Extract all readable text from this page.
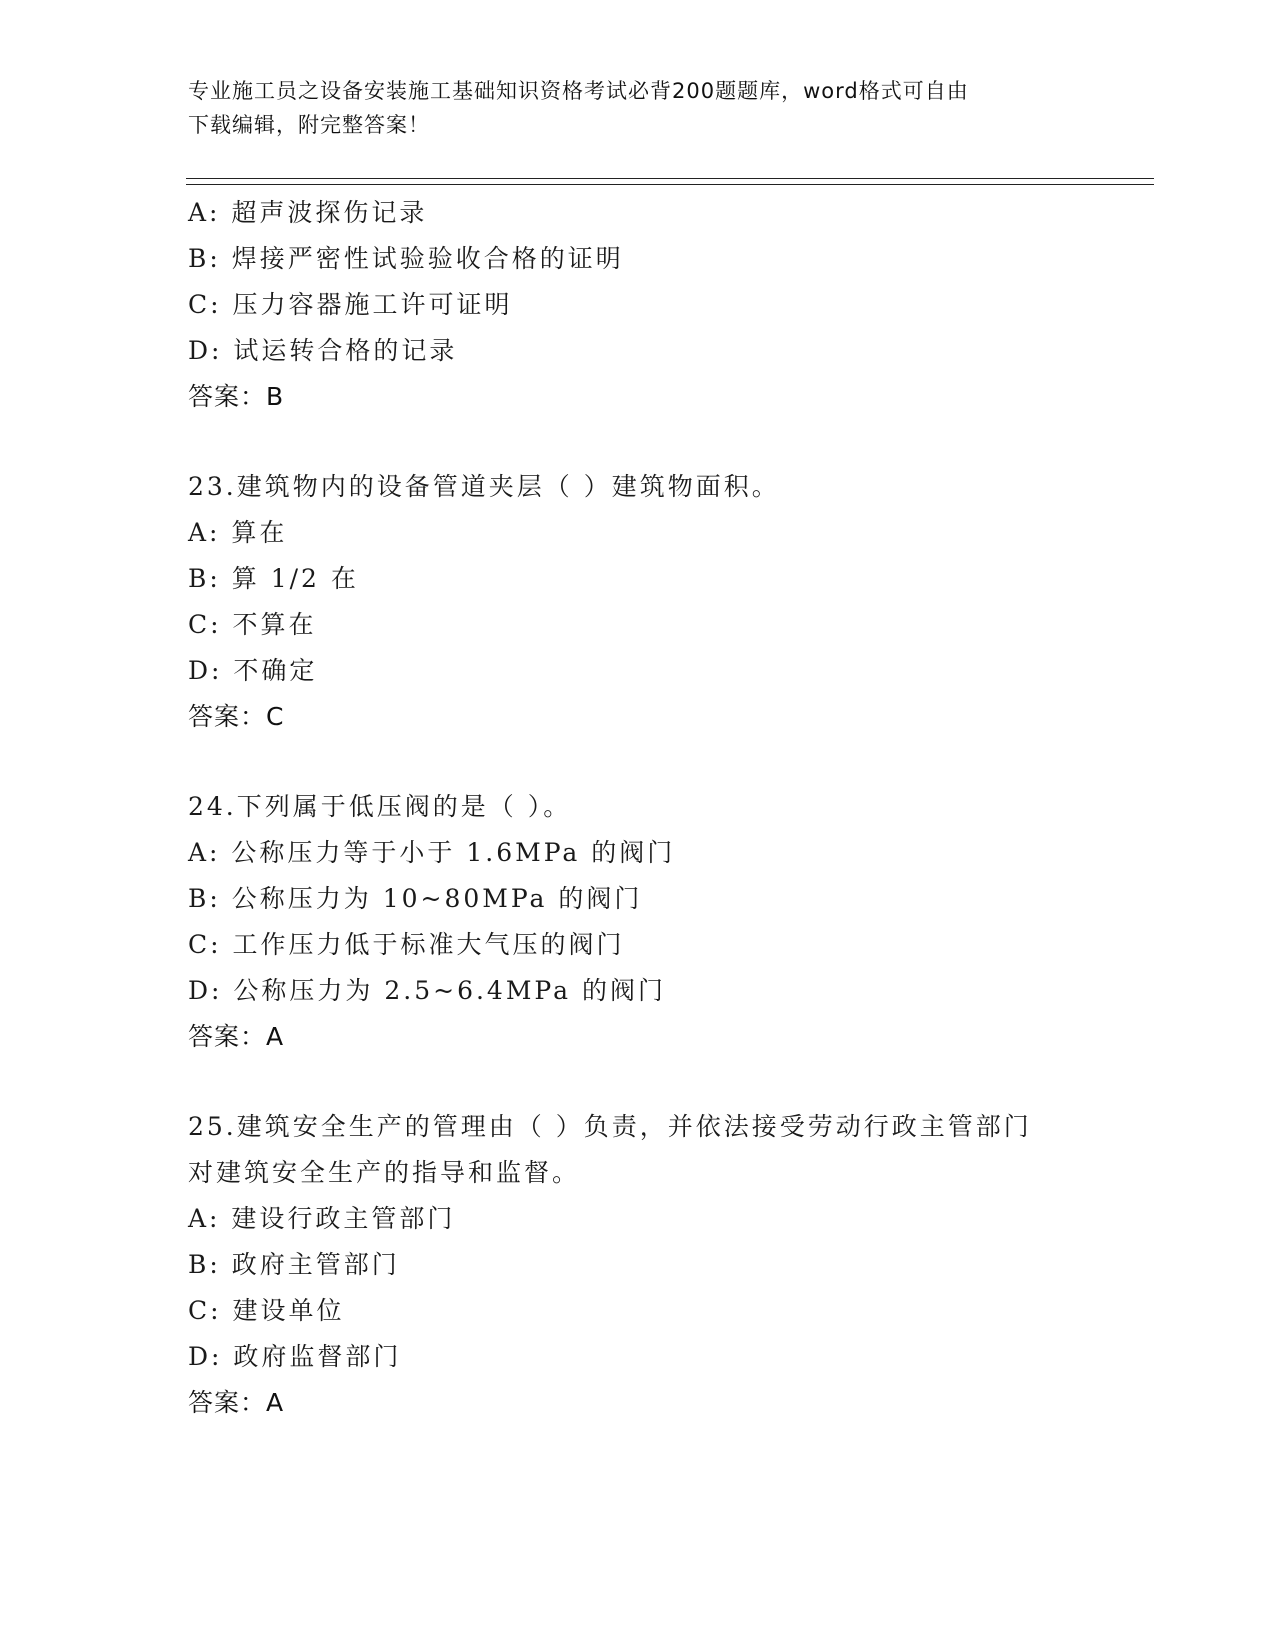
专业施工员之设备安装施工基础知识资格考试必背200题题库，word格式可自由
下载编辑，附完整答案！
A: 超声波探伤记录
B: 焊接严密性试验验收合格的证明
C: 压力容器施工许可证明
D: 试运转合格的记录
答案：B
23.建筑物内的设备管道夹层（ ）建筑物面积。
A: 算在
B: 算 1/2 在
C: 不算在
D: 不确定
答案：C
24.下列属于低压阀的是（ ）。
A: 公称压力等于小于 1.6MPa 的阀门
B: 公称压力为 10~80MPa 的阀门
C: 工作压力低于标准大气压的阀门
D: 公称压力为 2.5~6.4MPa 的阀门
答案：A
25.建筑安全生产的管理由（ ）负责，并依法接受劳动行政主管部门
对建筑安全生产的指导和监督。
A: 建设行政主管部门
B: 政府主管部门
C: 建设单位
D: 政府监督部门
答案：A
